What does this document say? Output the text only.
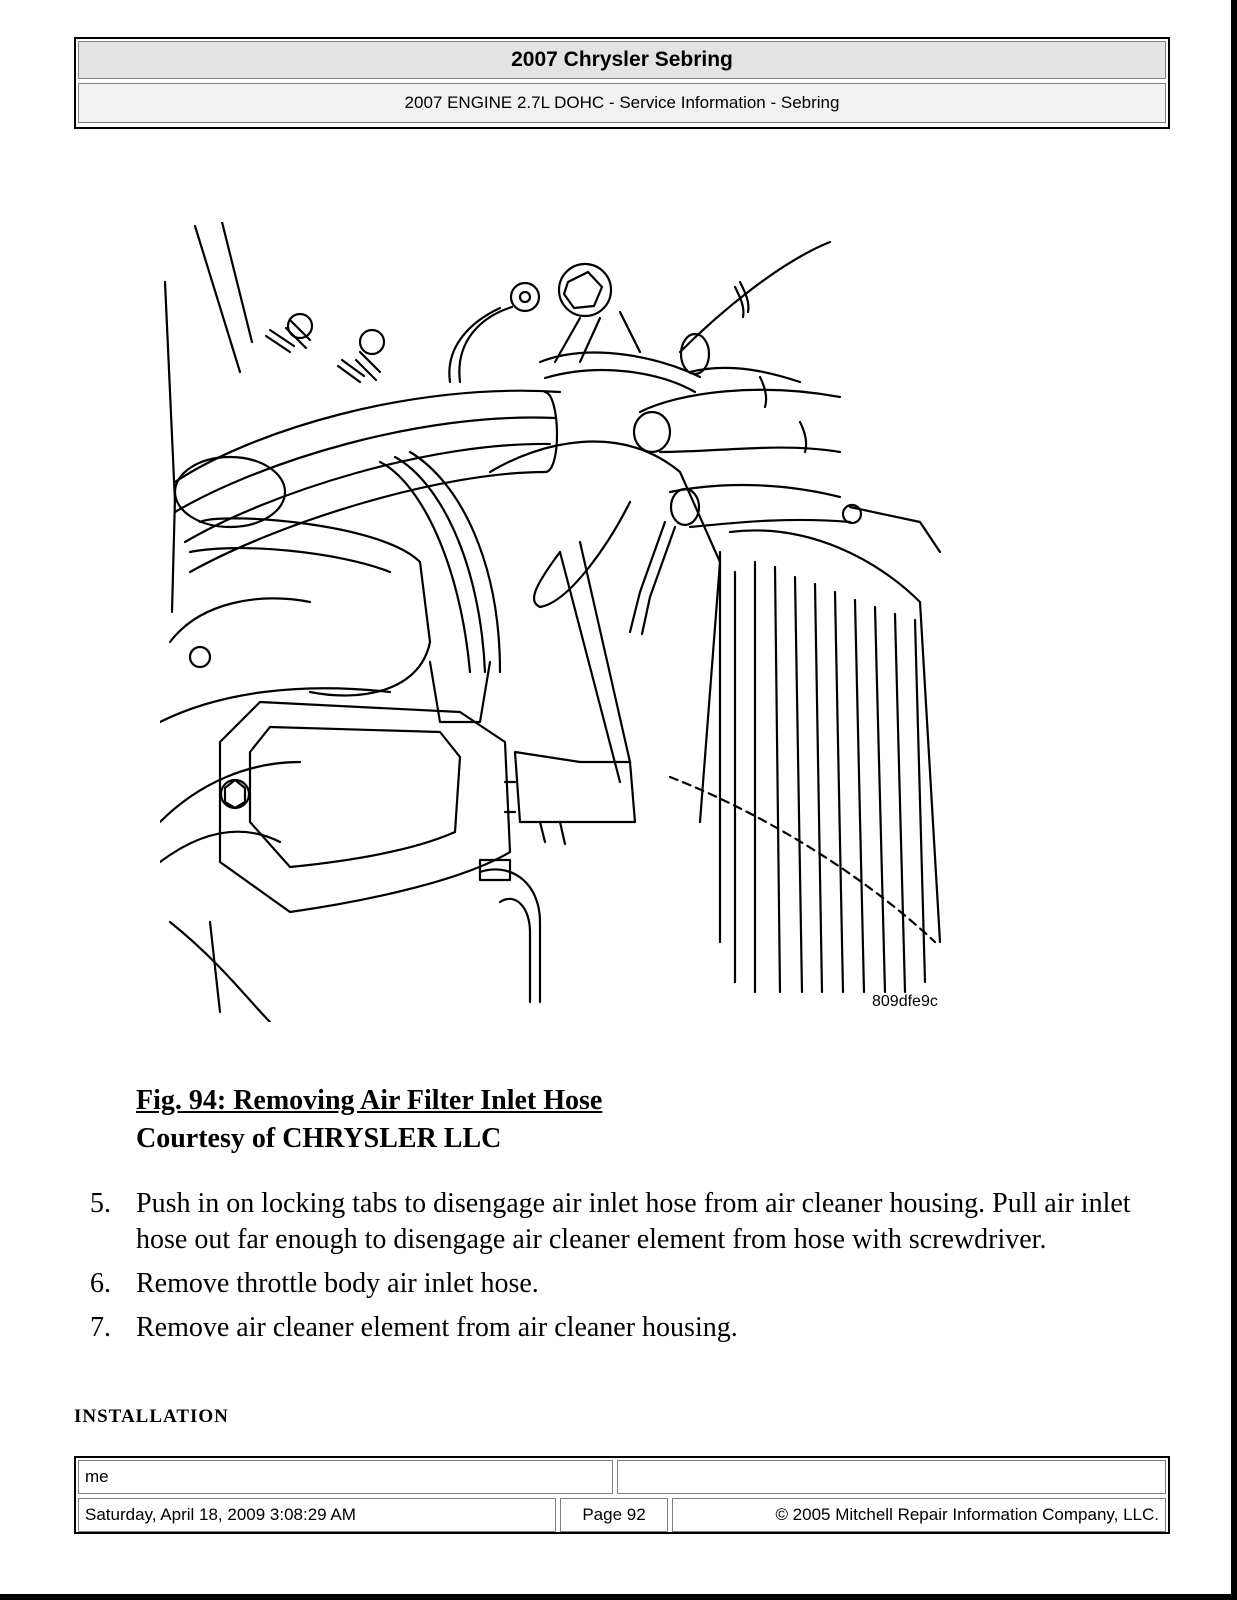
2007 Chrysler Sebring
2007 ENGINE 2.7L DOHC - Service Information - Sebring
809dfe9c
Fig. 94: Removing Air Filter Inlet Hose
Courtesy of CHRYSLER LLC
5. Push in on locking tabs to disengage air inlet hose from air cleaner housing. Pull air inlet hose out far enough to disengage air cleaner element from hose with screwdriver.
6. Remove throttle body air inlet hose.
7. Remove air cleaner element from air cleaner housing.
INSTALLATION
me
Saturday, April 18, 2009 3:08:29 AM	Page 92	© 2005 Mitchell Repair Information Company, LLC.
